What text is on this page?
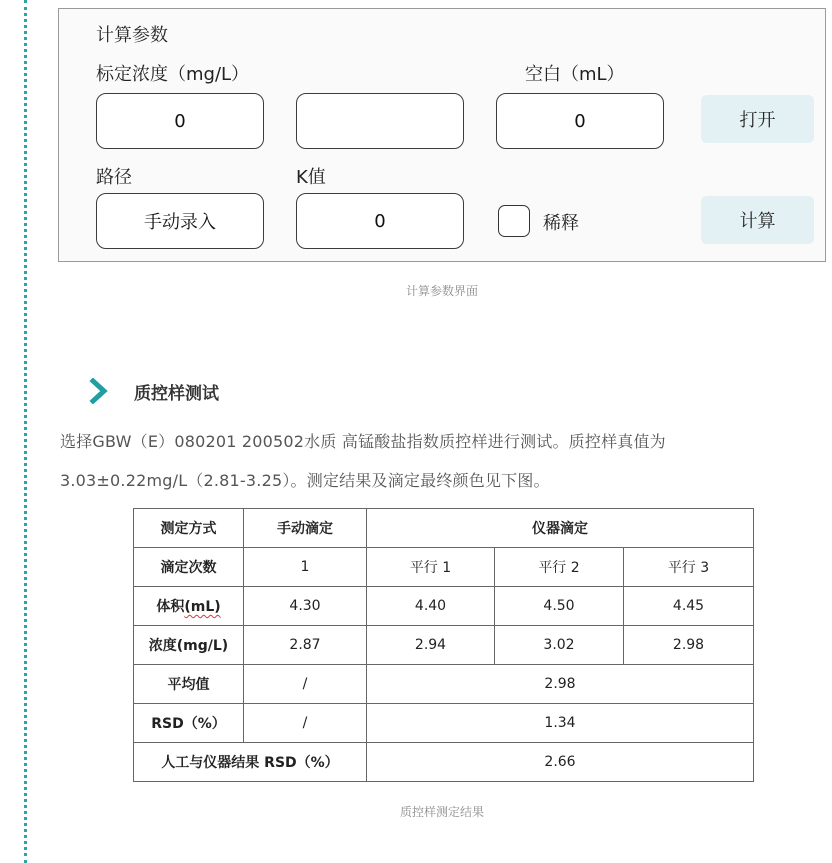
计算参数
标定浓度（mg/L）	空白（mL）
0	0	打开
路径	K值
手动录入	0	稀释	计算
计算参数界面
质控样测试
选择GBW（E）080201 200502水质 高锰酸盐指数质控样进行测试。质控样真值为
3.03±0.22mg/L（2.81-3.25）。测定结果及滴定最终颜色见下图。
测定方式	手动滴定	仪器滴定		
滴定次数	1	平行 1	平行 2	平行 3
体积(mL)	4.30	4.40	4.50	4.45
浓度(mg/L)	2.87	2.94	3.02	2.98
平均值	/	2.98		
RSD（%）	/	1.34		
人工与仪器结果 RSD（%）		2.66		
质控样测定结果
